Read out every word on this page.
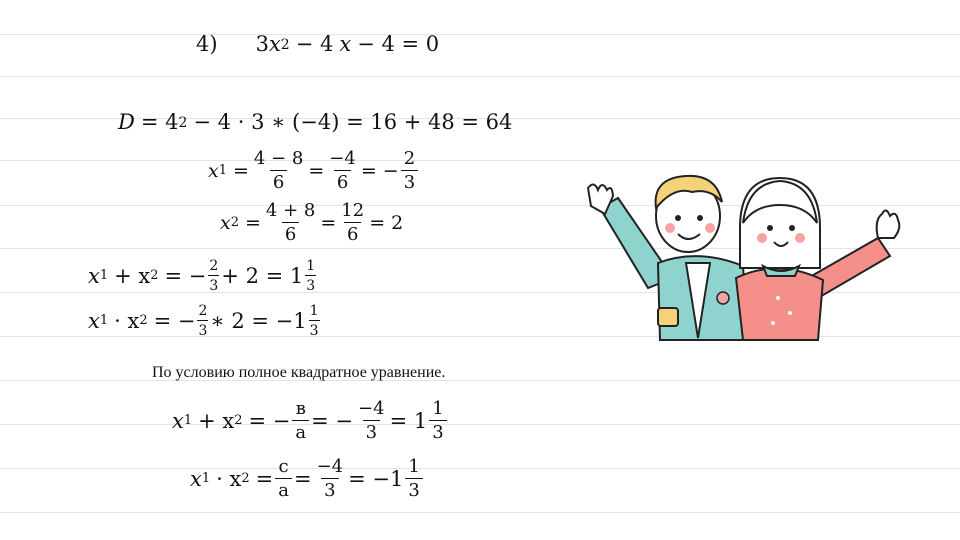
4) 3 x 2 − 4 x − 4 = 0
D = 4 2 − 4 · 3 ∗ (−4) = 16 + 48 = 64
x $1 = \frac{4 - 8}{6} = \frac{-4}{6}$ = − $\frac{2}{3}$
x $2 = \frac{4 + 8}{6} = \frac{12}{6} = 2$
x 1 + x 2 = − $\frac{2}{3} + 2 = 1 \frac{1}{3}$
x 1 · x 2 = − $\frac{2}{3}$ ∗ $2 = -1 \frac{1}{3}$
По условию полное квадратное уравнение.
x 1 + x 2 = − $\frac{в}{а}$ = − $\frac{-4}{3} = 1 \frac{1}{3}$
x 1 · x $2 = \frac{с}{а} = \frac{-4}{3} = -1 \frac{1}{3}$
